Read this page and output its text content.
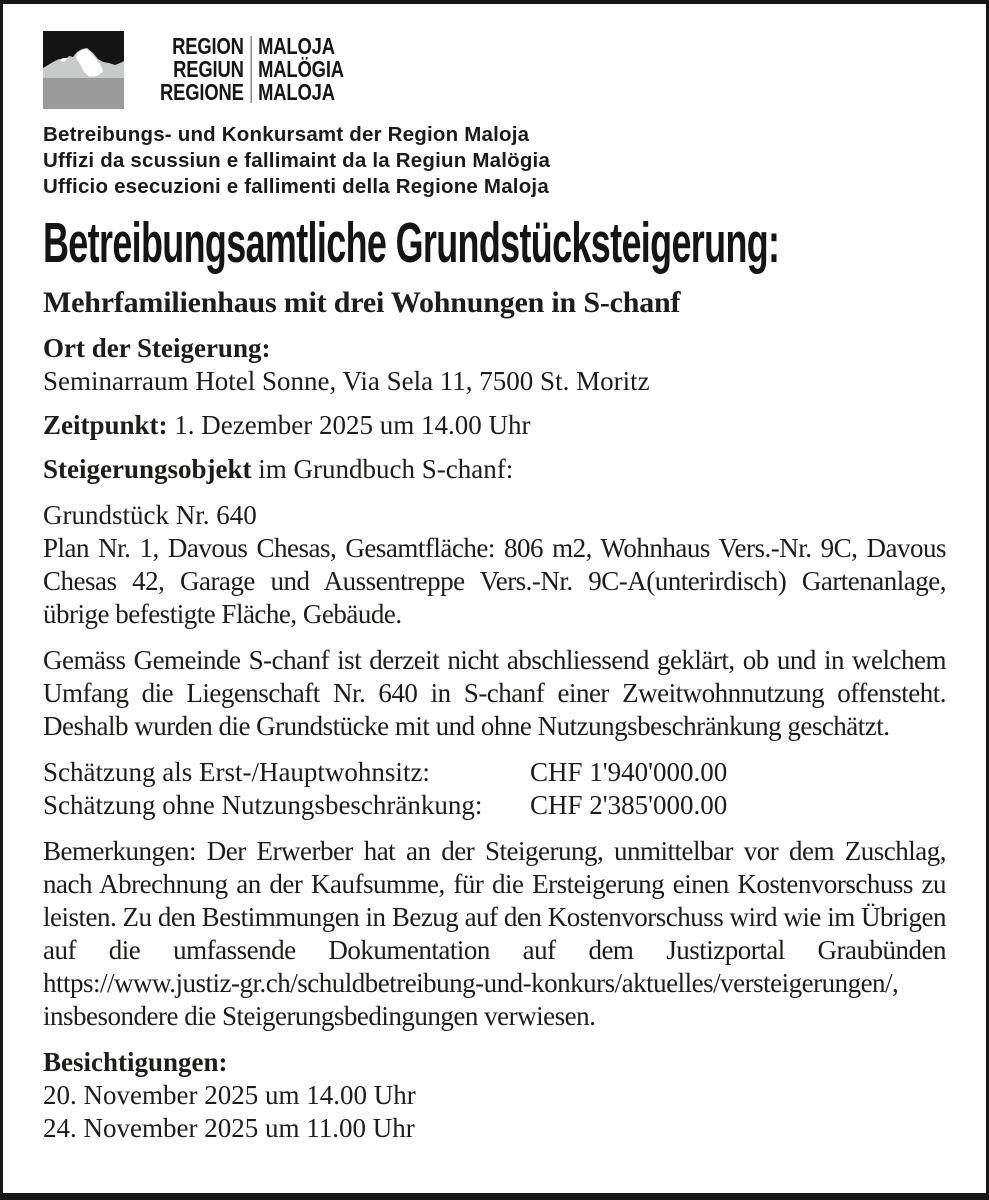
REGION
REGIUN
REGIONE
MALOJA
MALÖGIA
MALOJA
Betreibungs- und Konkursamt der Region Maloja
Uffizi da scussiun e fallimaint da la Regiun Malögia
Ufficio esecuzioni e fallimenti della Regione Maloja
Betreibungsamtliche Grundstücksteigerung:
Mehrfamilienhaus mit drei Wohnungen in S-chanf
Ort der Steigerung:
Seminarraum Hotel Sonne, Via Sela 11, 7500 St. Moritz
Zeitpunkt: 1. Dezember 2025 um 14.00 Uhr
Steigerungsobjekt im Grundbuch S-chanf:
Grundstück Nr. 640
Plan Nr. 1, Davous Chesas, Gesamtfläche: 806 m2, Wohnhaus Vers.-Nr. 9C, Davous Chesas 42, Garage und Aussentreppe Vers.-Nr. 9C-A(unterirdisch) Gartenanlage, übrige befestigte Fläche, Gebäude.
Gemäss Gemeinde S-chanf ist derzeit nicht abschliessend geklärt, ob und in welchem Umfang die Liegenschaft Nr. 640 in S-chanf einer Zweitwohnnutzung offensteht. Deshalb wurden die Grundstücke mit und ohne Nutzungsbeschränkung geschätzt.
Schätzung als Erst-/Hauptwohnsitz:	CHF 1'940'000.00
Schätzung ohne Nutzungsbeschränkung:	CHF 2'385'000.00
Bemerkungen: Der Erwerber hat an der Steigerung, unmittelbar vor dem Zuschlag, nach Abrechnung an der Kaufsumme, für die Ersteigerung einen Kostenvorschuss zu leisten. Zu den Bestimmungen in Bezug auf den Kostenvorschuss wird wie im Übrigen auf die umfassende Dokumentation auf dem Justizportal Graubünden https://www.justiz-gr.ch/schuldbetreibung-und-konkurs/aktuelles/versteigerungen/, insbesondere die Steigerungsbedingungen verwiesen.
Besichtigungen:
20. November 2025 um 14.00 Uhr
24. November 2025 um 11.00 Uhr
